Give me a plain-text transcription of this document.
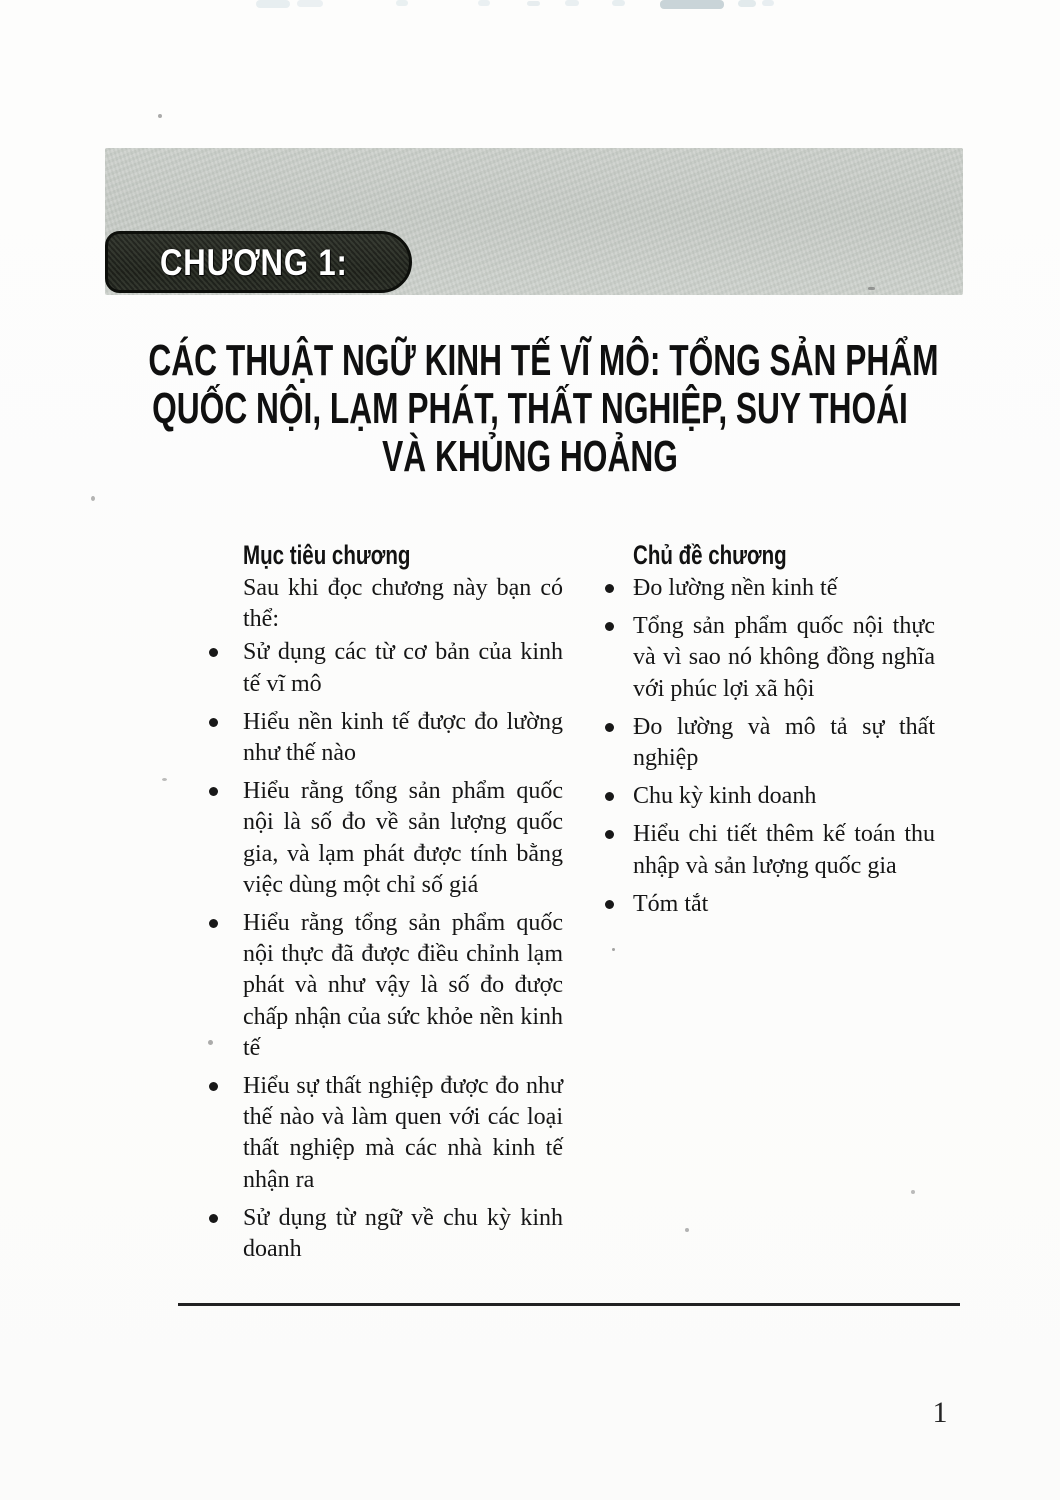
CHƯƠNG 1:
CÁC THUẬT NGỮ KINH TẾ VĨ MÔ: TỔNG SẢN PHẨM
QUỐC NỘI, LẠM PHÁT, THẤT NGHIỆP, SUY THOÁI
VÀ KHỦNG HOẢNG
Mục tiêu chương

Sau khi đọc chương này bạn có thể:

Sử dụng các từ cơ bản của kinh tế vĩ mô
Hiểu nền kinh tế được đo lường như thế nào
Hiểu rằng tổng sản phẩm quốc nội là số đo về sản lượng quốc gia, và lạm phát được tính bằng việc dùng một chỉ số giá
Hiểu rằng tổng sản phẩm quốc nội thực đã được điều chỉnh lạm phát và như vậy là số đo được chấp nhận của sức khỏe nền kinh tế
Hiểu sự thất nghiệp được đo như thế nào và làm quen với các loại thất nghiệp mà các nhà kinh tế nhận ra
Sử dụng từ ngữ về chu kỳ kinh doanh
Chủ đề chương
Đo lường nền kinh tế
Tổng sản phẩm quốc nội thực và vì sao nó không đồng nghĩa với phúc lợi xã hội
Đo lường và mô tả sự thất nghiệp
Chu kỳ kinh doanh
Hiểu chi tiết thêm kế toán thu nhập và sản lượng quốc gia
Tóm tắt
1
